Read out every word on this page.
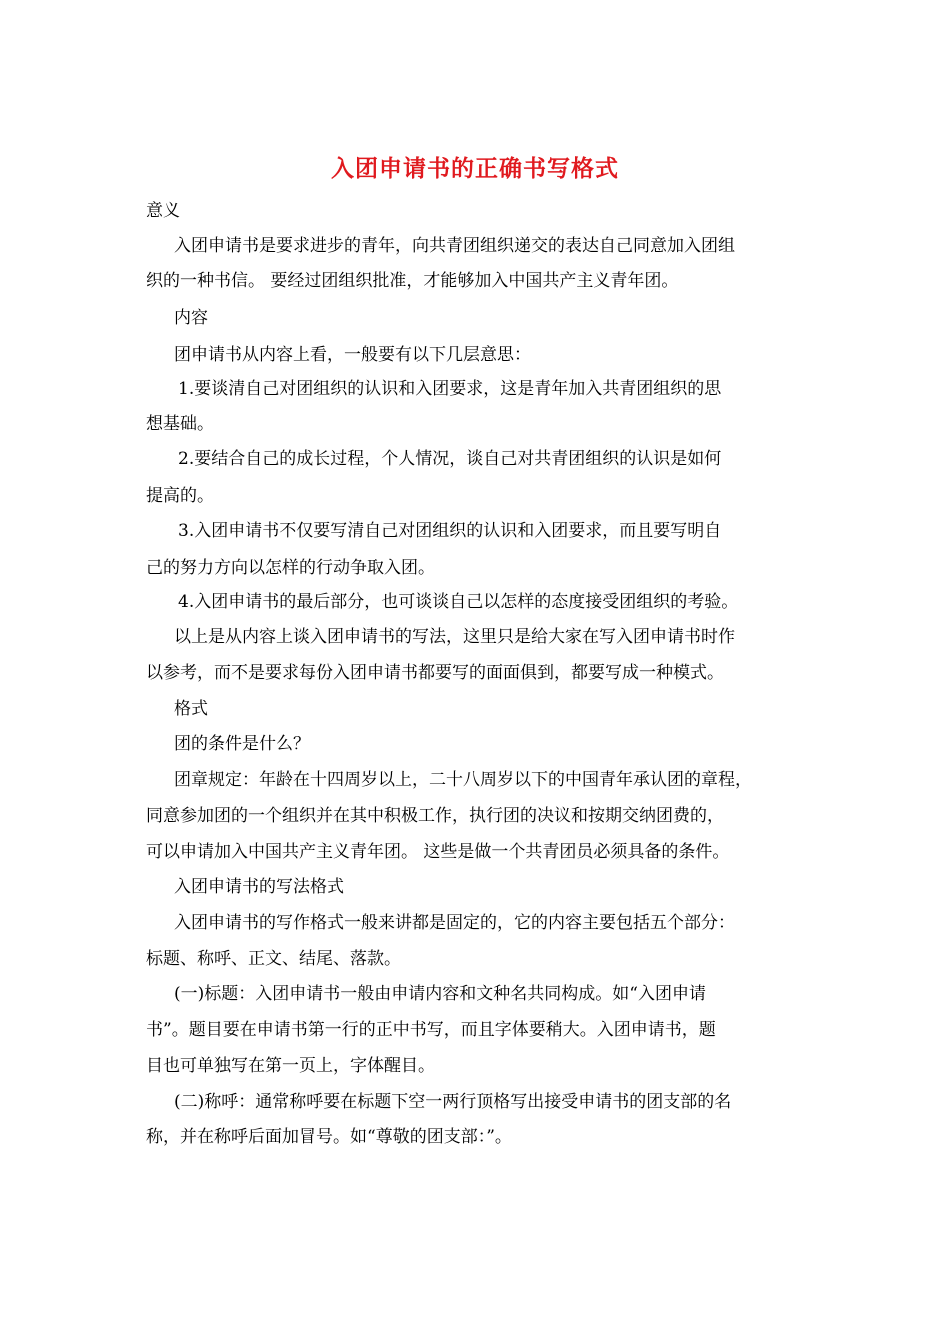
入团申请书的正确书写格式
意义
入团申请书是要求进步的青年，向共青团组织递交的表达自己同意加入团组
织的一种书信。 要经过团组织批准，才能够加入中国共产主义青年团。
内容
团申请书从内容上看，一般要有以下几层意思：
1.要谈清自己对团组织的认识和入团要求，这是青年加入共青团组织的思
想基础。
2.要结合自己的成长过程，个人情况，谈自己对共青团组织的认识是如何
提高的。
3.入团申请书不仅要写清自己对团组织的认识和入团要求，而且要写明自
己的努力方向以怎样的行动争取入团。
4.入团申请书的最后部分，也可谈谈自己以怎样的态度接受团组织的考验。
以上是从内容上谈入团申请书的写法，这里只是给大家在写入团申请书时作
以参考，而不是要求每份入团申请书都要写的面面俱到，都要写成一种模式。
格式
团的条件是什么？
团章规定：年龄在十四周岁以上，二十八周岁以下的中国青年承认团的章程，
同意参加团的一个组织并在其中积极工作，执行团的决议和按期交纳团费的，
可以申请加入中国共产主义青年团。 这些是做一个共青团员必须具备的条件。
入团申请书的写法格式
入团申请书的写作格式一般来讲都是固定的，它的内容主要包括五个部分：
标题、称呼、正文、结尾、落款。
(一)标题：入团申请书一般由申请内容和文种名共同构成。如“入团申请
书”。题目要在申请书第一行的正中书写，而且字体要稍大。入团申请书，题
目也可单独写在第一页上，字体醒目。
(二)称呼：通常称呼要在标题下空一两行顶格写出接受申请书的团支部的名
称，并在称呼后面加冒号。如“尊敬的团支部：”。
